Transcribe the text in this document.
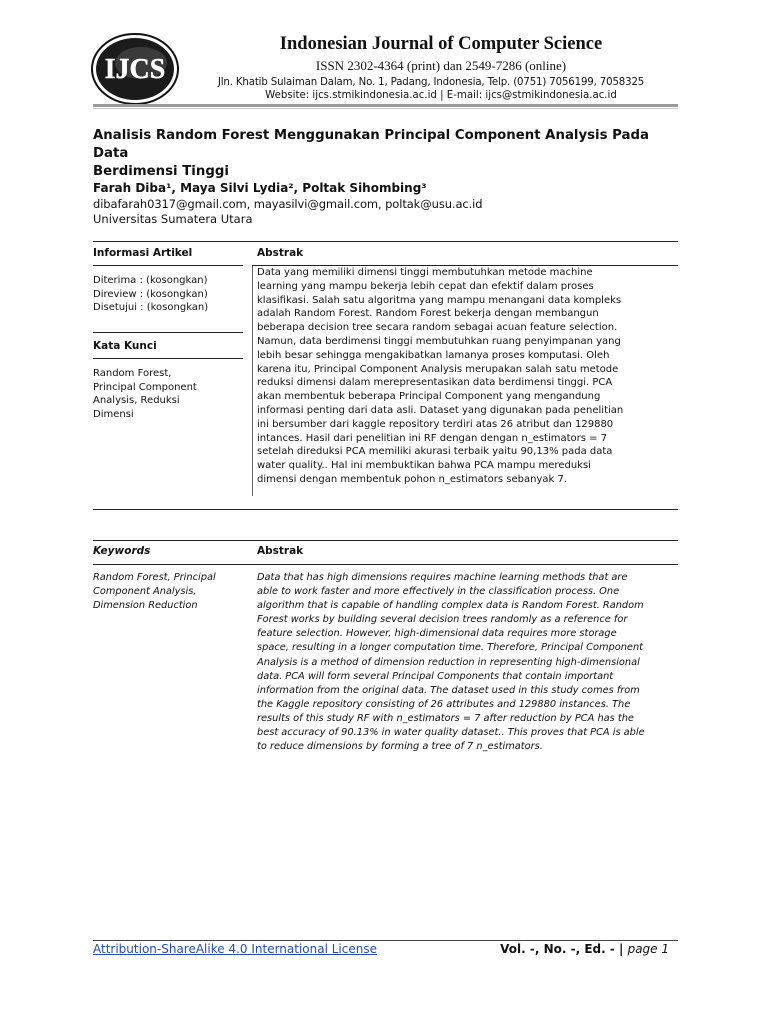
IJCS
Indonesian Journal of Computer Science
ISSN 2302-4364 (print) dan 2549-7286 (online)
Jln. Khatib Sulaiman Dalam, No. 1, Padang, Indonesia, Telp. (0751) 7056199, 7058325
Website: ijcs.stmikindonesia.ac.id | E-mail: ijcs@stmikindonesia.ac.id
Analisis Random Forest Menggunakan Principal Component Analysis Pada Data
Berdimensi Tinggi
Farah Diba¹, Maya Silvi Lydia², Poltak Sihombing³
dibafarah0317@gmail.com, mayasilvi@gmail.com, poltak@usu.ac.id
Universitas Sumatera Utara
Informasi Artikel	Abstrak
Diterima : (kosongkan)
Direview : (kosongkan)
Disetujui : (kosongkan)
Kata Kunci
Random Forest,
Principal Component
Analysis, Reduksi
Dimensi
Data yang memiliki dimensi tinggi membutuhkan metode machine
learning yang mampu bekerja lebih cepat dan efektif dalam proses
klasifikasi. Salah satu algoritma yang mampu menangani data kompleks
adalah Random Forest. Random Forest bekerja dengan membangun
beberapa decision tree secara random sebagai acuan feature selection.
Namun, data berdimensi tinggi membutuhkan ruang penyimpanan yang
lebih besar sehingga mengakibatkan lamanya proses komputasi. Oleh
karena itu, Principal Component Analysis merupakan salah satu metode
reduksi dimensi dalam merepresentasikan data berdimensi tinggi. PCA
akan membentuk beberapa Principal Component yang mengandung
informasi penting dari data asli. Dataset yang digunakan pada penelitian
ini bersumber dari kaggle repository terdiri atas 26 atribut dan 129880
intances. Hasil dari penelitian ini RF dengan dengan n_estimators = 7
setelah direduksi PCA memiliki akurasi terbaik yaitu 90,13% pada data
water quality.. Hal ini membuktikan bahwa PCA mampu mereduksi
dimensi dengan membentuk pohon n_estimators sebanyak 7.
Keywords	Abstrak
Random Forest, Principal
Component Analysis,
Dimension Reduction
Data that has high dimensions requires machine learning methods that are
able to work faster and more effectively in the classification process. One
algorithm that is capable of handling complex data is Random Forest. Random
Forest works by building several decision trees randomly as a reference for
feature selection. However, high-dimensional data requires more storage
space, resulting in a longer computation time. Therefore, Principal Component
Analysis is a method of dimension reduction in representing high-dimensional
data. PCA will form several Principal Components that contain important
information from the original data. The dataset used in this study comes from
the Kaggle repository consisting of 26 attributes and 129880 instances. The
results of this study RF with n_estimators = 7 after reduction by PCA has the
best accuracy of 90.13% in water quality dataset.. This proves that PCA is able
to reduce dimensions by forming a tree of 7 n_estimators.
Attribution-ShareAlike 4.0 International License	Vol. -, No. -, Ed. - | page 1
